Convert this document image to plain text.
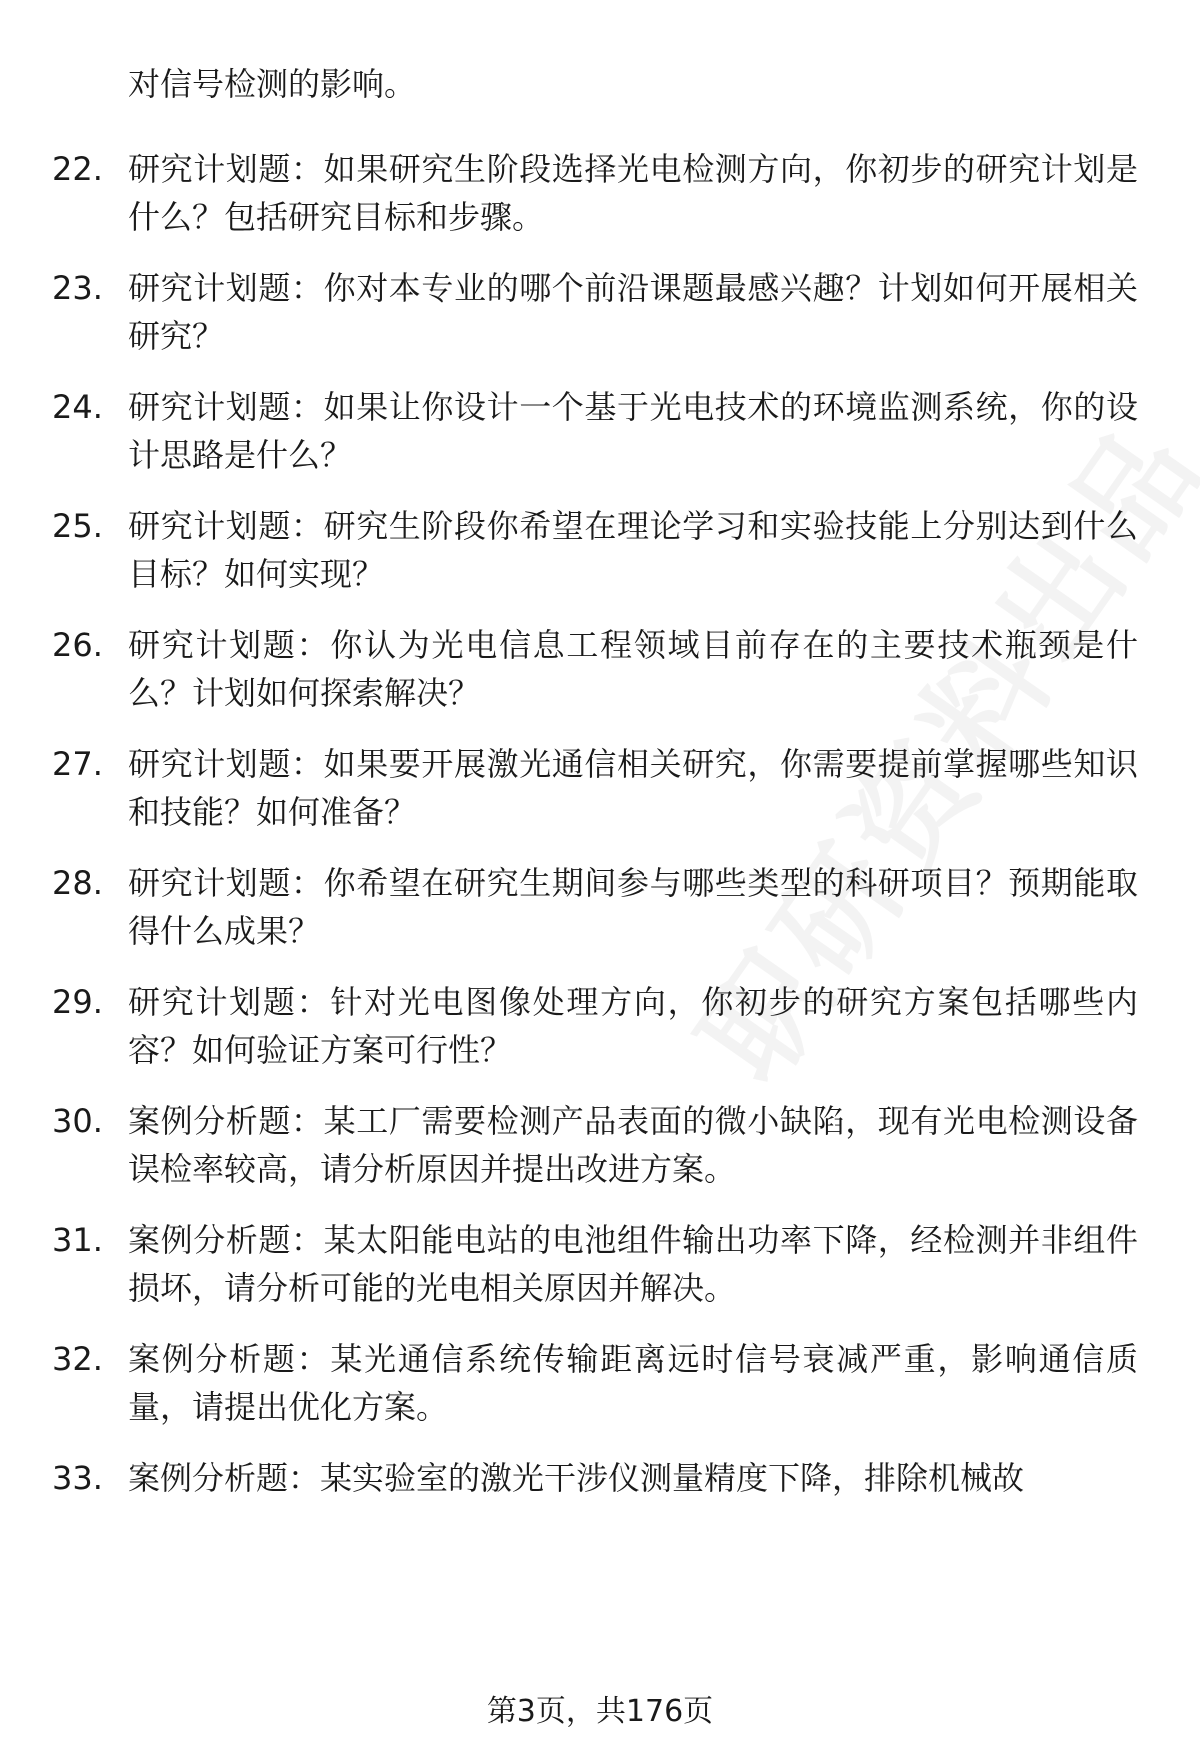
对信号检测的影响。
22. 研究计划题：如果研究生阶段选择光电检测方向，你初步的研究计划是什么？包括研究目标和步骤。
23. 研究计划题：你对本专业的哪个前沿课题最感兴趣？计划如何开展相关研究？
24. 研究计划题：如果让你设计一个基于光电技术的环境监测系统，你的设计思路是什么？
25. 研究计划题：研究生阶段你希望在理论学习和实验技能上分别达到什么目标？如何实现？
26. 研究计划题：你认为光电信息工程领域目前存在的主要技术瓶颈是什么？计划如何探索解决？
27. 研究计划题：如果要开展激光通信相关研究，你需要提前掌握哪些知识和技能？如何准备？
28. 研究计划题：你希望在研究生期间参与哪些类型的科研项目？预期能取得什么成果？
29. 研究计划题：针对光电图像处理方向，你初步的研究方案包括哪些内容？如何验证方案可行性？
30. 案例分析题：某工厂需要检测产品表面的微小缺陷，现有光电检测设备误检率较高，请分析原因并提出改进方案。
31. 案例分析题：某太阳能电站的电池组件输出功率下降，经检测并非组件损坏，请分析可能的光电相关原因并解决。
32. 案例分析题：某光通信系统传输距离远时信号衰减严重，影响通信质量，请提出优化方案。
33. 案例分析题：某实验室的激光干涉仪测量精度下降，排除机械故
第3页，共176页
